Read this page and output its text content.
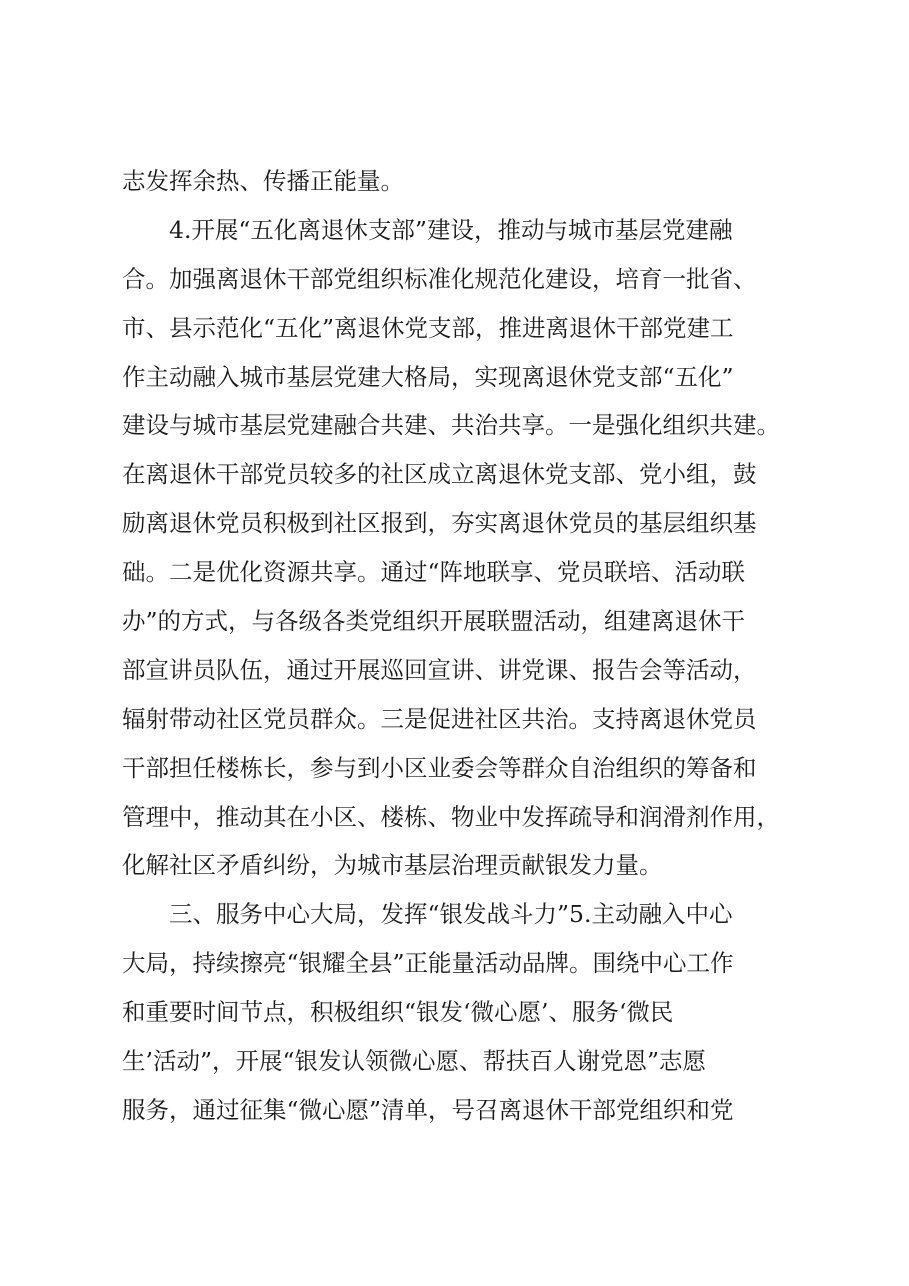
志发挥余热、传播正能量。
4.开展“五化离退休支部”建设，推动与城市基层党建融
合。加强离退休干部党组织标准化规范化建设，培育一批省、
市、县示范化“五化”离退休党支部，推进离退休干部党建工
作主动融入城市基层党建大格局，实现离退休党支部“五化”
建设与城市基层党建融合共建、共治共享。一是强化组织共建。
在离退休干部党员较多的社区成立离退休党支部、党小组，鼓
励离退休党员积极到社区报到，夯实离退休党员的基层组织基
础。二是优化资源共享。通过“阵地联享、党员联培、活动联
办”的方式，与各级各类党组织开展联盟活动，组建离退休干
部宣讲员队伍，通过开展巡回宣讲、讲党课、报告会等活动，
辐射带动社区党员群众。三是促进社区共治。支持离退休党员
干部担任楼栋长，参与到小区业委会等群众自治组织的筹备和
管理中，推动其在小区、楼栋、物业中发挥疏导和润滑剂作用，
化解社区矛盾纠纷，为城市基层治理贡献银发力量。
三、服务中心大局，发挥“银发战斗力”5.主动融入中心
大局，持续擦亮“银耀全县”正能量活动品牌。围绕中心工作
和重要时间节点，积极组织“银发‘微心愿’、服务‘微民
生’活动”，开展“银发认领微心愿、帮扶百人谢党恩”志愿
服务，通过征集“微心愿”清单，号召离退休干部党组织和党
